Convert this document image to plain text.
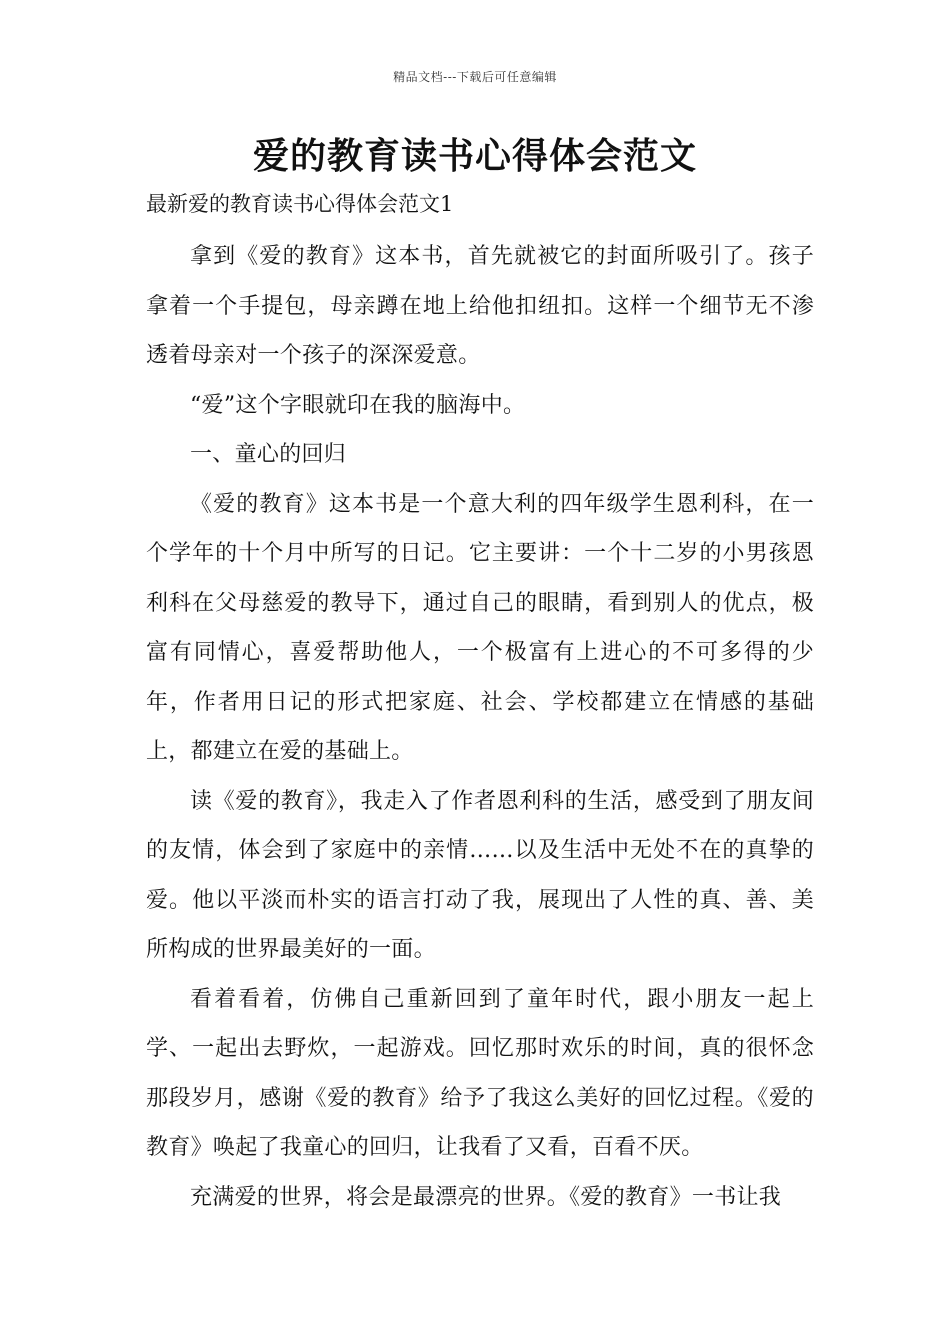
精品文档---下载后可任意编辑
爱的教育读书心得体会范文
最新爱的教育读书心得体会范文1

拿到《爱的教育》这本书，首先就被它的封面所吸引了。孩子拿着一个手提包，母亲蹲在地上给他扣纽扣。这样一个细节无不渗透着母亲对一个孩子的深深爱意。

“爱”这个字眼就印在我的脑海中。

一、童心的回归

《爱的教育》这本书是一个意大利的四年级学生恩利科，在一个学年的十个月中所写的日记。它主要讲：一个十二岁的小男孩恩利科在父母慈爱的教导下，通过自己的眼睛，看到别人的优点，极富有同情心，喜爱帮助他人，一个极富有上进心的不可多得的少年，作者用日记的形式把家庭、社会、学校都建立在情感的基础上，都建立在爱的基础上。

读《爱的教育》，我走入了作者恩利科的生活，感受到了朋友间的友情，体会到了家庭中的亲情……以及生活中无处不在的真挚的爱。他以平淡而朴实的语言打动了我，展现出了人性的真、善、美所构成的世界最美好的一面。

看着看着，仿佛自己重新回到了童年时代，跟小朋友一起上学、一起出去野炊，一起游戏。回忆那时欢乐的时间，真的很怀念那段岁月，感谢《爱的教育》给予了我这么美好的回忆过程。《爱的教育》唤起了我童心的回归，让我看了又看，百看不厌。

充满爱的世界，将会是最漂亮的世界。《爱的教育》一书让我
